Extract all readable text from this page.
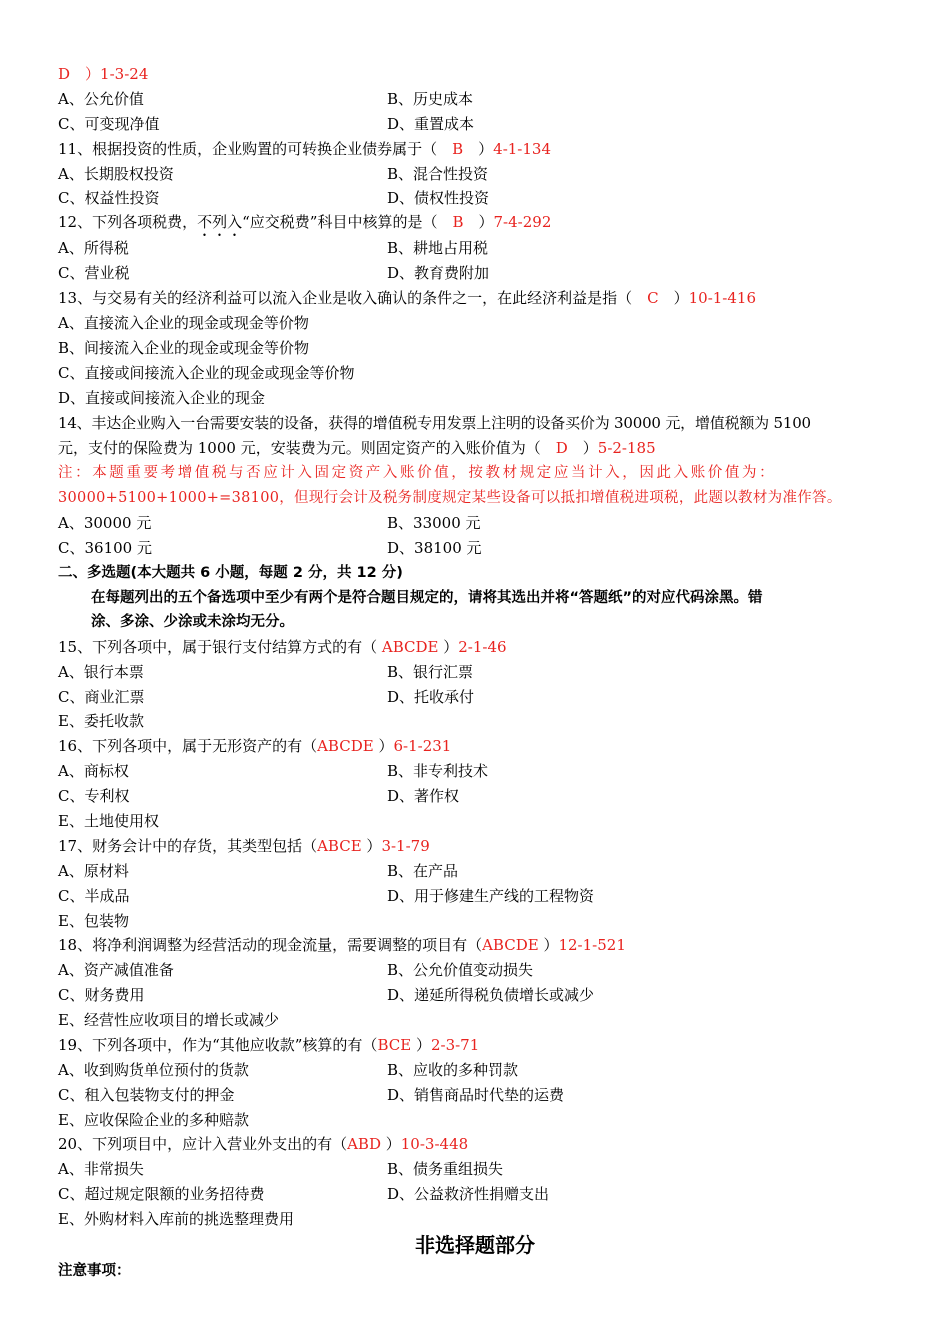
D　）1-3-24
A、公允价值	B、历史成本
C、可变现净值	D、重置成本
11、根据投资的性质，企业购置的可转换企业债券属于（　 B　）4-1-134
A、长期股权投资	B、混合性投资
C、权益性投资	D、债权性投资
12、下列各项税费，不列入“应交税费”科目中核算的是（　 B　）7-4-292
A、所得税	B、耕地占用税
C、营业税	D、教育费附加
13、与交易有关的经济利益可以流入企业是收入确认的条件之一，在此经济利益是指（　 C　）10-1-416
A、直接流入企业的现金或现金等价物
B、间接流入企业的现金或现金等价物
C、直接或间接流入企业的现金或现金等价物
D、直接或间接流入企业的现金
14、丰达企业购入一台需要安装的设备，获得的增值税专用发票上注明的设备买价为 30000 元，增值税额为 5100
元，支付的保险费为 1000 元，安装费为元。则固定资产的入账价值为（　 D　）5-2-185
注：本题重要考增值税与否应计入固定资产入账价值，按教材规定应当计入，因此入账价值为：
30000+5100+1000+=38100，但现行会计及税务制度规定某些设备可以抵扣增值税进项税，此题以教材为准作答。
A、30000 元	B、33000 元
C、36100 元	D、38100 元
二、多选题(本大题共 6 小题，每题 2 分，共 12 分)
在每题列出的五个备选项中至少有两个是符合题目规定的，请将其选出并将“答题纸”的对应代码涂黑。错
涂、多涂、少涂或未涂均无分。
15、下列各项中，属于银行支付结算方式的有（ ABCDE ）2-1-46
A、银行本票	B、银行汇票
C、商业汇票	D、托收承付
E、委托收款
16、下列各项中，属于无形资产的有（ABCDE ）6-1-231
A、商标权	B、非专利技术
C、专利权	D、著作权
E、土地使用权
17、财务会计中的存货，其类型包括（ABCE ）3-1-79
A、原材料	B、在产品
C、半成品	D、用于修建生产线的工程物资
E、包装物
18、将净利润调整为经营活动的现金流量，需要调整的项目有（ABCDE ）12-1-521
A、资产减值准备	B、公允价值变动损失
C、财务费用	D、递延所得税负债增长或减少
E、经营性应收项目的增长或减少
19、下列各项中，作为“其他应收款”核算的有（BCE ）2-3-71
A、收到购货单位预付的货款	B、应收的多种罚款
C、租入包装物支付的押金	D、销售商品时代垫的运费
E、应收保险企业的多种赔款
20、下列项目中，应计入营业外支出的有（ABD ）10-3-448
A、非常损失	B、债务重组损失
C、超过规定限额的业务招待费	D、公益救济性捐赠支出
E、外购材料入库前的挑选整理费用
非选择题部分
注意事项：
